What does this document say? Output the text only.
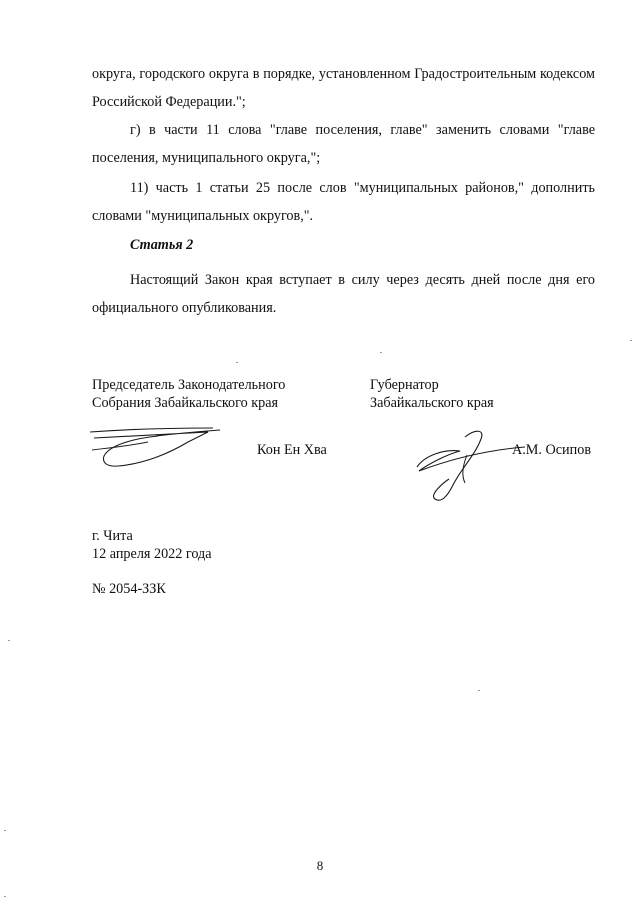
округа, городского округа в порядке, установленном Градостроительным кодексом Российской Федерации.";

г) в части 11 слова "главе поселения, главе" заменить словами "главе поселения, муниципального округа,";

11) часть 1 статьи 25 после слов "муниципальных районов," дополнить словами "муниципальных округов,".

Статья 2

Настоящий Закон края вступает в силу через десять дней после дня его официального опубликования.

Председатель Законодательного
Собрания Забайкальского края
Кон Ен Хва
Губернатор
Забайкальского края
А.М. Осипов
г. Чита
12 апреля 2022 года
№ 2054-ЗЗК
8
